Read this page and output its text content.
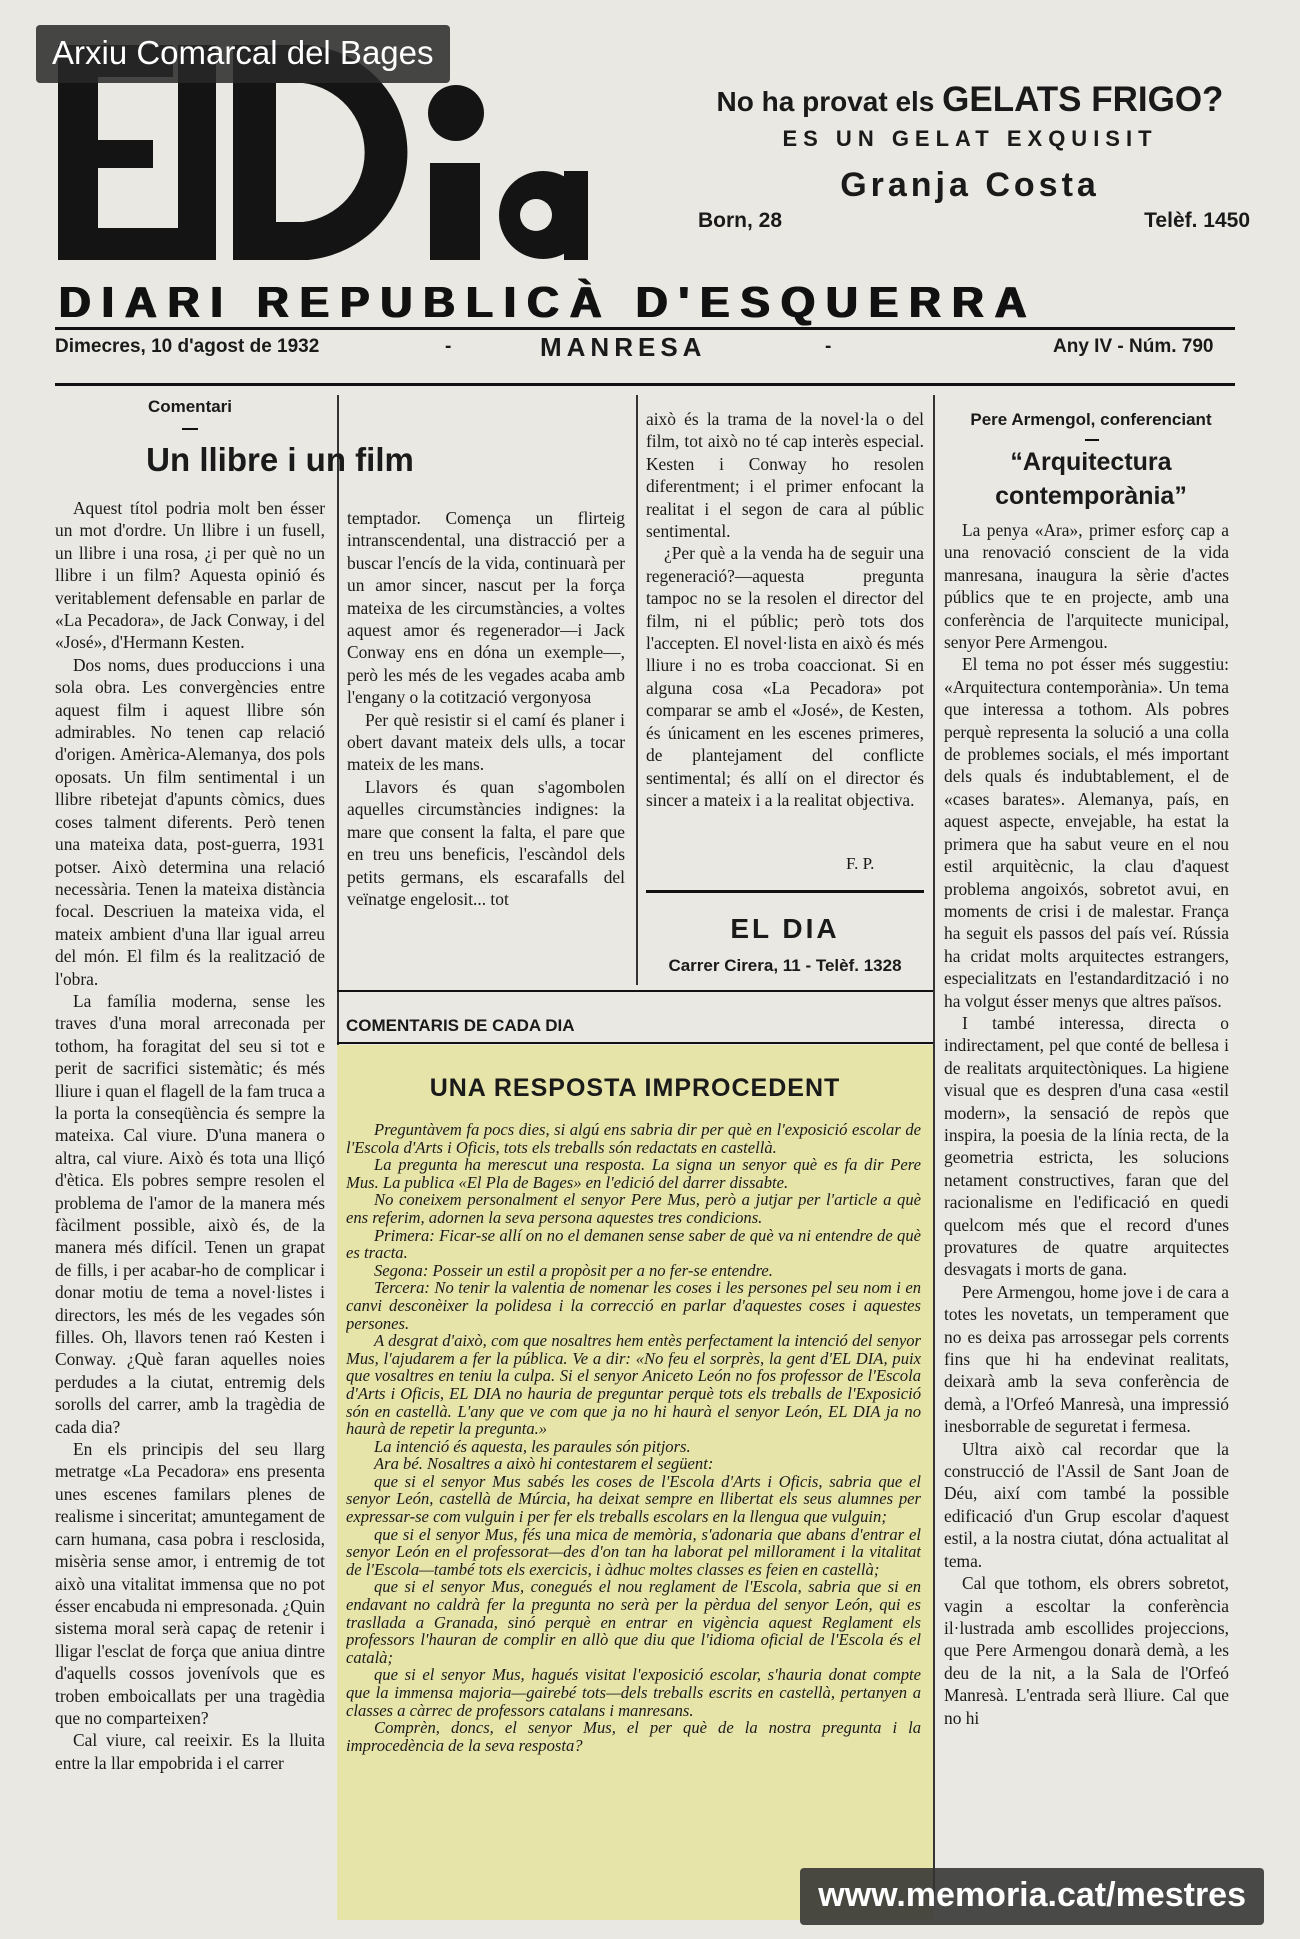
Arxiu Comarcal del Bages
No ha provat els GELATS FRIGO?
ES UN GELAT EXQUISIT
Granja Costa
Born, 28	Telèf. 1450
DIARI REPUBLICÀ D'ESQUERRA
Dimecres, 10 d'agost de 1932	-	MANRESA	-	Any IV - Núm. 790
Comentari
Un llibre i un film

Aquest títol podria molt ben ésser un mot d'ordre. Un llibre i un fusell, un llibre i una rosa, ¿i per què no un llibre i un film? Aquesta opinió és veritablement defensable en parlar de «La Pecadora», de Jack Conway, i del «José», d'Hermann Kesten.

Dos noms, dues produccions i una sola obra. Les convergències entre aquest film i aquest llibre són admirables. No tenen cap relació d'origen. Amèrica-Alemanya, dos pols oposats. Un film sentimental i un llibre ribetejat d'apunts còmics, dues coses talment diferents. Però tenen una mateixa data, post-guerra, 1931 potser. Això determina una relació necessària. Tenen la mateixa distància focal. Descriuen la mateixa vida, el mateix ambient d'una llar igual arreu del món. El film és la realització de l'obra.

La família moderna, sense les traves d'una moral arreconada per tothom, ha foragitat del seu si tot e perit de sacrifici sistemàtic; és més lliure i quan el flagell de la fam truca a la porta la conseqüència és sempre la mateixa. Cal viure. D'una manera o altra, cal viure. Això és tota una lliçó d'ètica. Els pobres sempre resolen el problema de l'amor de la manera més fàcilment possible, això és, de la manera més difícil. Tenen un grapat de fills, i per acabar-ho de complicar i donar motiu de tema a novel·listes i directors, les més de les vegades són filles. Oh, llavors tenen raó Kesten i Conway. ¿Què faran aquelles noies perdudes a la ciutat, entremig dels sorolls del carrer, amb la tragèdia de cada dia?

En els principis del seu llarg metratge «La Pecadora» ens presenta unes escenes familars plenes de realisme i sinceritat; amuntegament de carn humana, casa pobra i resclosida, misèria sense amor, i entremig de tot això una vitalitat immensa que no pot ésser encabuda ni empresonada. ¿Quin sistema moral serà capaç de retenir i lligar l'esclat de força que aniua dintre d'aquells cossos jovenívols que es troben emboicallats per una tragèdia que no comparteixen?

Cal viure, cal reeixir. Es la lluita entre la llar empobrida i el carrer

temptador. Comença un flirteig intranscendental, una distracció per a buscar l'encís de la vida, continuarà per un amor sincer, nascut per la força mateixa de les circumstàncies, a voltes aquest amor és regenerador—i Jack Conway ens en dóna un exemple—, però les més de les vegades acaba amb l'engany o la cotització vergonyosa

Per què resistir si el camí és planer i obert davant mateix dels ulls, a tocar mateix de les mans.

Llavors és quan s'agombolen aquelles circumstàncies indignes: la mare que consent la falta, el pare que en treu uns beneficis, l'escàndol dels petits germans, els escarafalls del veïnatge engelosit... tot

això és la trama de la novel·la o del film, tot això no té cap interès especial. Kesten i Conway ho resolen diferentment; i el primer enfocant la realitat i el segon de cara al públic sentimental.

¿Per què a la venda ha de seguir una regeneració?—aquesta pregunta tampoc no se la resolen el director del film, ni el públic; però tots dos l'accepten. El novel·lista en això és més lliure i no es troba coaccionat. Si en alguna cosa «La Pecadora» pot comparar se amb el «José», de Kesten, és únicament en les escenes primeres, de plantejament del conflicte sentimental; és allí on el director és sincer a mateix i a la realitat objectiva.

F. P.
EL DIA
Carrer Cirera, 11 - Telèf. 1328
COMENTARIS DE CADA DIA
UNA RESPOSTA IMPROCEDENT

Preguntàvem fa pocs dies, si algú ens sabria dir per què en l'exposició escolar de l'Escola d'Arts i Oficis, tots els treballs són redactats en castellà.

La pregunta ha merescut una resposta. La signa un senyor què es fa dir Pere Mus. La publica «El Pla de Bages» en l'edició del darrer dissabte.

No coneixem personalment el senyor Pere Mus, però a jutjar per l'article a què ens referim, adornen la seva persona aquestes tres condicions.

Primera: Ficar-se allí on no el demanen sense saber de què va ni entendre de què es tracta.

Segona: Posseir un estil a propòsit per a no fer-se entendre.

Tercera: No tenir la valentia de nomenar les coses i les persones pel seu nom i en canvi desconèixer la polidesa i la correcció en parlar d'aquestes coses i aquestes persones.

A desgrat d'això, com que nosaltres hem entès perfectament la intenció del senyor Mus, l'ajudarem a fer la pública. Ve a dir: «No feu el sorprès, la gent d'EL DIA, puix que vosaltres en teniu la culpa. Si el senyor Aniceto León no fos professor de l'Escola d'Arts i Oficis, EL DIA no hauria de preguntar perquè tots els treballs de l'Exposició són en castellà. L'any que ve com que ja no hi haurà el senyor León, EL DIA ja no haurà de repetir la pregunta.»

La intenció és aquesta, les paraules són pitjors.

Ara bé. Nosaltres a això hi contestarem el següent:

que si el senyor Mus sabés les coses de l'Escola d'Arts i Oficis, sabria que el senyor León, castellà de Múrcia, ha deixat sempre en llibertat els seus alumnes per expressar-se com vulguin i per fer els treballs escolars en la llengua que vulguin;

que si el senyor Mus, fés una mica de memòria, s'adonaria que abans d'entrar el senyor León en el professorat—des d'on tan ha laborat pel millorament i la vitalitat de l'Escola—també tots els exercicis, i àdhuc moltes classes es feien en castellà;

que si el senyor Mus, conegués el nou reglament de l'Escola, sabria que si en endavant no caldrà fer la pregunta no serà per la pèrdua del senyor León, qui es trasllada a Granada, sinó perquè en entrar en vigència aquest Reglament els professors l'hauran de complir en allò que diu que l'idioma oficial de l'Escola és el català;

que si el senyor Mus, hagués visitat l'exposició escolar, s'hauria donat compte que la immensa majoria—gairebé tots—dels treballs escrits en castellà, pertanyen a classes a càrrec de professors catalans i manresans.

Comprèn, doncs, el senyor Mus, el per què de la nostra pregunta i la improcedència de la seva resposta?

Pere Armengol, conferenciant
“Arquitectura contemporània”

La penya «Ara», primer esforç cap a una renovació conscient de la vida manresana, inaugura la sèrie d'actes públics que te en projecte, amb una conferència de l'arquitecte municipal, senyor Pere Armengou.

El tema no pot ésser més suggestiu: «Arquitectura contemporània». Un tema que interessa a tothom. Als pobres perquè representa la solució a una colla de problemes socials, el més important dels quals és indubtablement, el de «cases barates». Alemanya, país, en aquest aspecte, envejable, ha estat la primera que ha sabut veure en el nou estil arquitècnic, la clau d'aquest problema angoixós, sobretot avui, en moments de crisi i de malestar. França ha seguit els passos del país veí. Rússia ha cridat molts arquitectes estrangers, especialitzats en l'estandardització i no ha volgut ésser menys que altres països.

I també interessa, directa o indirectament, pel que conté de bellesa i de realitats arquitectòniques. La higiene visual que es despren d'una casa «estil modern», la sensació de repòs que inspira, la poesia de la línia recta, de la geometria estricta, les solucions netament constructives, faran que del racionalisme en l'edificació en quedi quelcom més que el record d'unes provatures de quatre arquitectes desvagats i morts de gana.

Pere Armengou, home jove i de cara a totes les novetats, un temperament que no es deixa pas arrossegar pels corrents fins que hi ha endevinat realitats, deixarà amb la seva conferència de demà, a l'Orfeó Manresà, una impressió inesborrable de seguretat i fermesa.

Ultra això cal recordar que la construcció de l'Assil de Sant Joan de Déu, així com també la possible edificació d'un Grup escolar d'aquest estil, a la nostra ciutat, dóna actualitat al tema.

Cal que tothom, els obrers sobretot, vagin a escoltar la conferència il·lustrada amb escollides projeccions, que Pere Armengou donarà demà, a les deu de la nit, a la Sala de l'Orfeó Manresà. L'entrada serà lliure. Cal que no hi

www.memoria.cat/mestres
